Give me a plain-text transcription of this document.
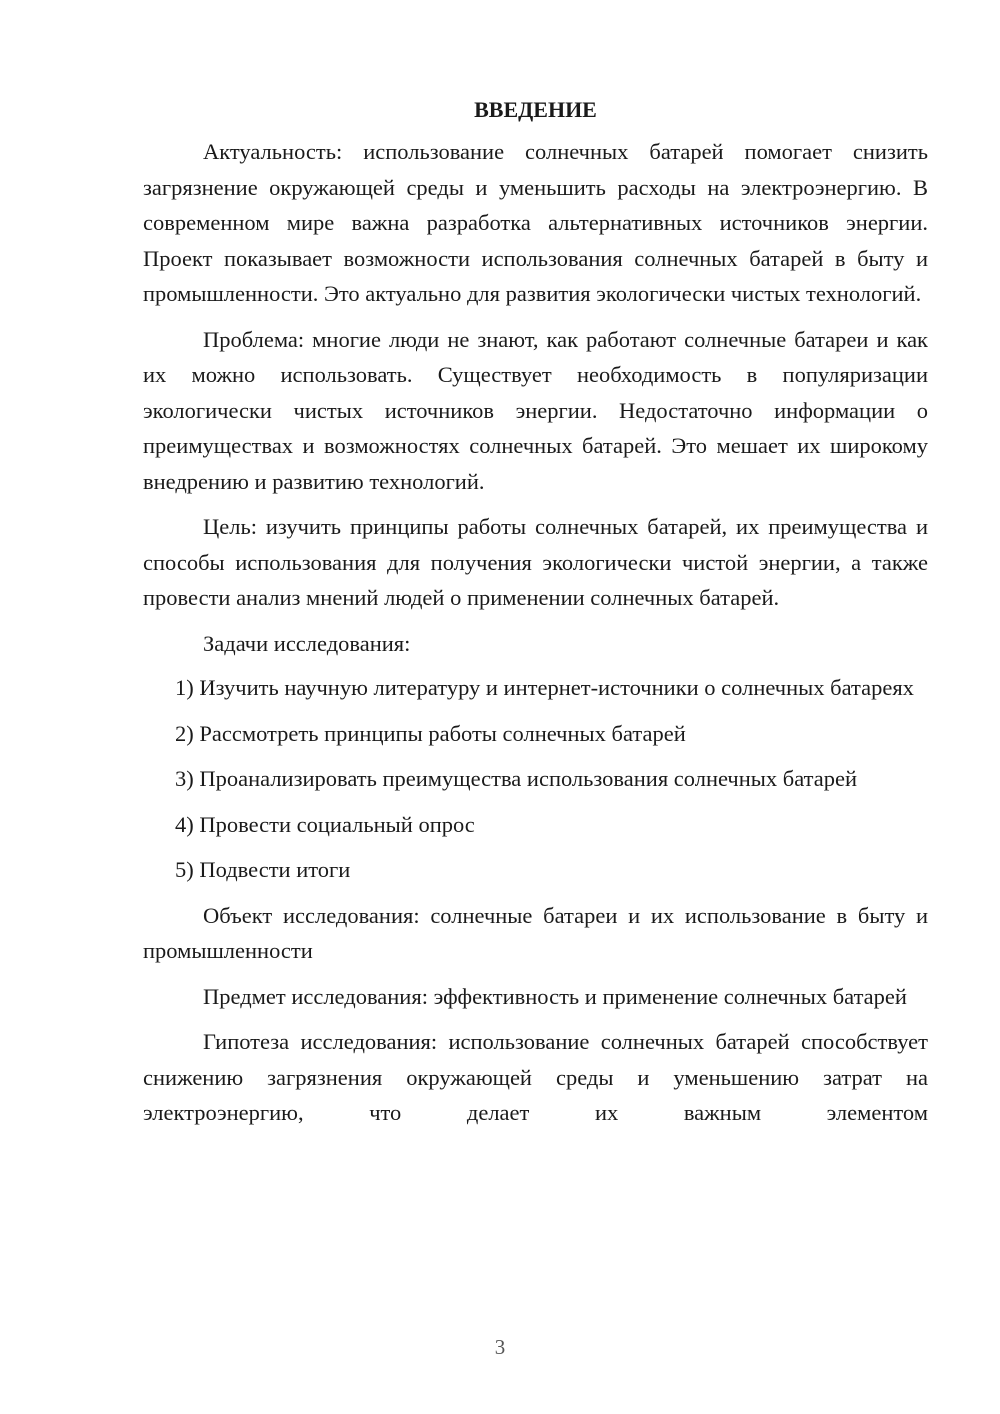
ВВЕДЕНИЕ

Актуальность: использование солнечных батарей помогает снизить загрязнение окружающей среды и уменьшить расходы на электроэнергию. В современном мире важна разработка альтернативных источников энергии. Проект показывает возможности использования солнечных батарей в быту и промышленности. Это актуально для развития экологически чистых технологий.

Проблема: многие люди не знают, как работают солнечные батареи и как их можно использовать. Существует необходимость в популяризации экологически чистых источников энергии. Недостаточно информации о преимуществах и возможностях солнечных батарей. Это мешает их широкому внедрению и развитию технологий.

Цель: изучить принципы работы солнечных батарей, их преимущества и способы использования для получения экологически чистой энергии, а также провести анализ мнений людей о применении солнечных батарей.

Задачи исследования:

1) Изучить научную литературу и интернет-источники о солнечных батареях

2) Рассмотреть принципы работы солнечных батарей

3) Проанализировать преимущества использования солнечных батарей

4) Провести социальный опрос

5) Подвести итоги

Объект исследования: солнечные батареи и их использование в быту и промышленности

Предмет исследования: эффективность и применение солнечных батарей

Гипотеза исследования: использование солнечных батарей способствует снижению загрязнения окружающей среды и уменьшению затрат на электроэнергию, что делает их важным элементом

3
